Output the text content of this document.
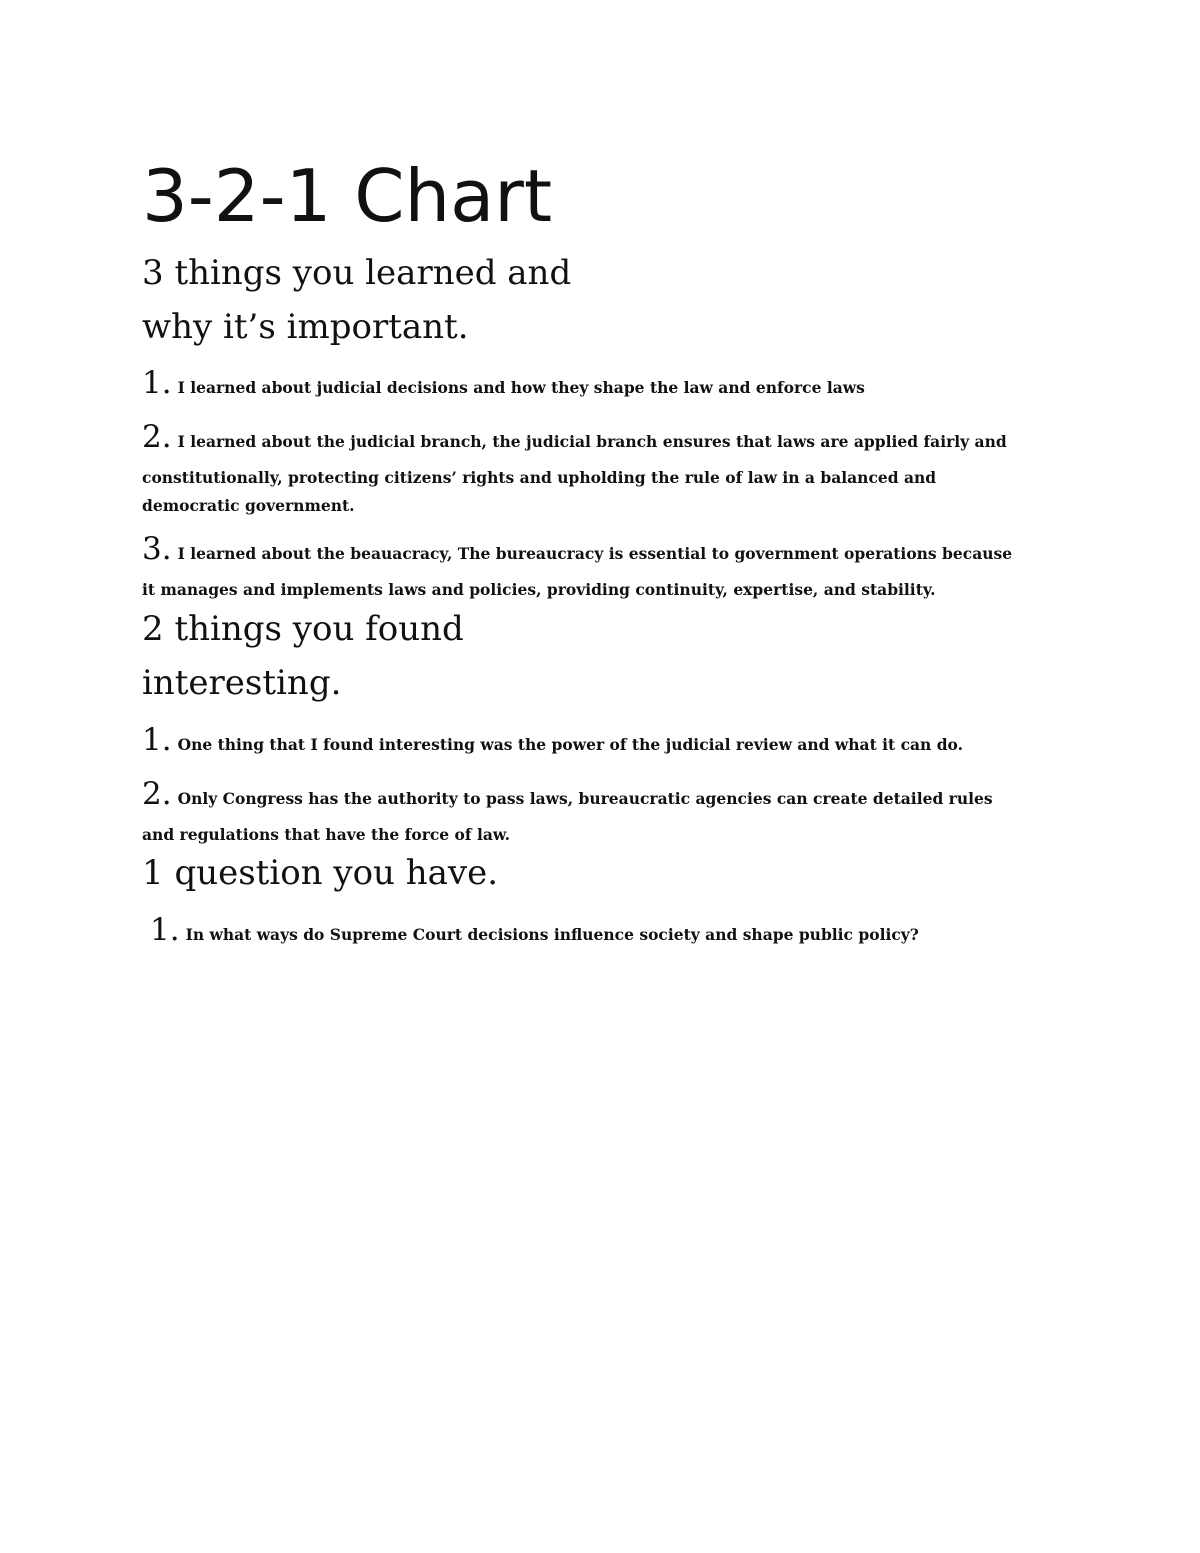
3-2-1 Chart
3 things you learned and
why it’s important.
1. I learned about judicial decisions and how they shape the law and enforce laws
2. I learned about the judicial branch, the judicial branch ensures that laws are applied fairly and
constitutionally, protecting citizens’ rights and upholding the rule of law in a balanced and
democratic government.
3. I learned about the beauacracy, The bureaucracy is essential to government operations because
it manages and implements laws and policies, providing continuity, expertise, and stability.
2 things you found
interesting.
1. One thing that I found interesting was the power of the judicial review and what it can do.
2. Only Congress has the authority to pass laws, bureaucratic agencies can create detailed rules
and regulations that have the force of law.
1 question you have.
1. In what ways do Supreme Court decisions influence society and shape public policy?
